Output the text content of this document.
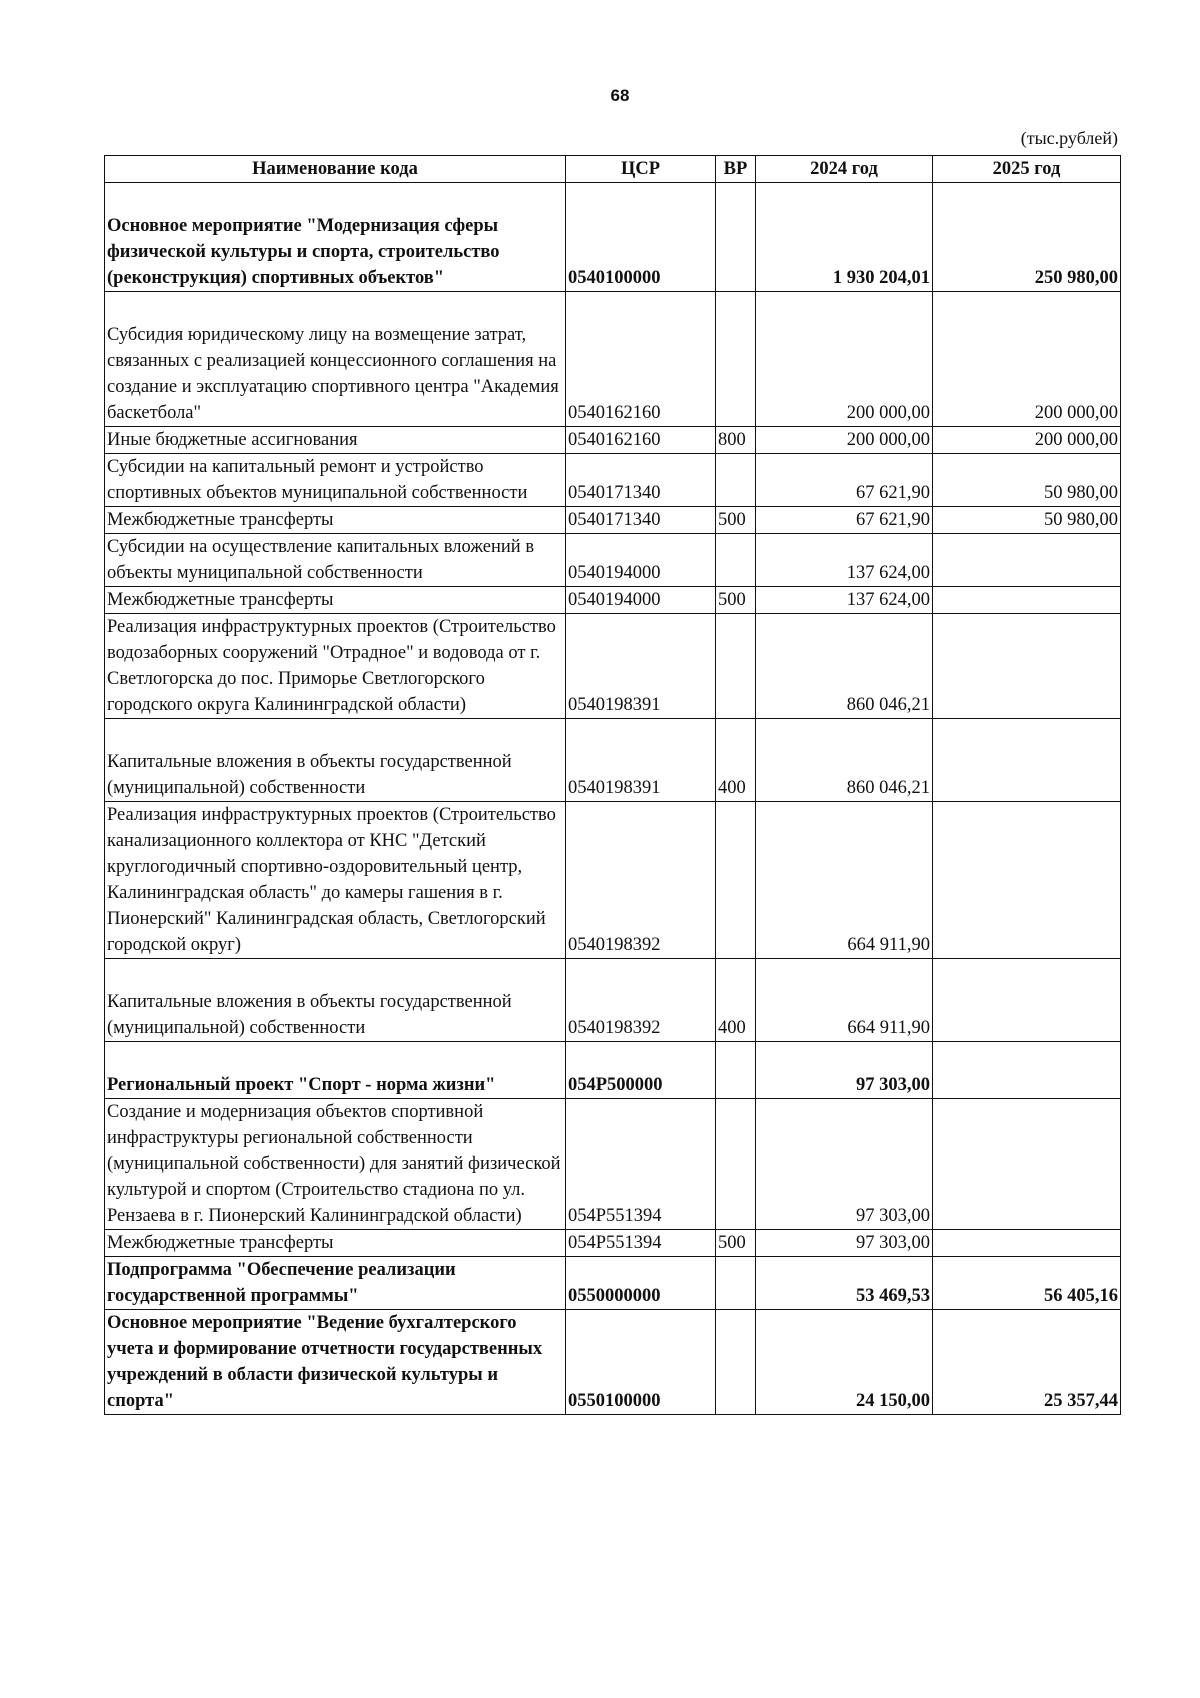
68
(тыс.рублей)
Наименование кода	ЦСР	ВР	2024 год	2025 год
Основное мероприятие "Модернизация сферы физической культуры и спорта, строительство (реконструкция) спортивных объектов"	0540100000		1 930 204,01	250 980,00
Субсидия юридическому лицу на возмещение затрат, связанных с реализацией концессионного соглашения на создание и эксплуатацию спортивного центра "Академия баскетбола"	0540162160		200 000,00	200 000,00
Иные бюджетные ассигнования	0540162160	800	200 000,00	200 000,00
Субсидии на капитальный ремонт и устройство спортивных объектов муниципальной собственности	0540171340		67 621,90	50 980,00
Межбюджетные трансферты	0540171340	500	67 621,90	50 980,00
Субсидии на осуществление капитальных вложений в объекты муниципальной собственности	0540194000		137 624,00	
Межбюджетные трансферты	0540194000	500	137 624,00	
Реализация инфраструктурных проектов (Строительство водозаборных сооружений "Отрадное" и водовода от г. Светлогорска до пос. Приморье Светлогорского городского округа Калининградской области)	0540198391		860 046,21	
Капитальные вложения в объекты государственной (муниципальной) собственности	0540198391	400	860 046,21	
Реализация инфраструктурных проектов (Строительство канализационного коллектора от КНС "Детский круглогодичный спортивно-оздоровительный центр, Калининградская область" до камеры гашения в г. Пионерский" Калининградская область, Светлогорский городской округ)	0540198392		664 911,90	
Капитальные вложения в объекты государственной (муниципальной) собственности	0540198392	400	664 911,90	
Региональный проект "Спорт - норма жизни"	054P500000		97 303,00	
Создание и модернизация объектов спортивной инфраструктуры региональной собственности (муниципальной собственности) для занятий физической культурой и спортом (Строительство стадиона по ул. Рензаева в г. Пионерский Калининградской области)	054P551394		97 303,00	
Межбюджетные трансферты	054P551394	500	97 303,00	
Подпрограмма "Обеспечение реализации государственной программы"	0550000000		53 469,53	56 405,16
Основное мероприятие "Ведение бухгалтерского учета и формирование отчетности государственных учреждений в области физической культуры и спорта"	0550100000		24 150,00	25 357,44
